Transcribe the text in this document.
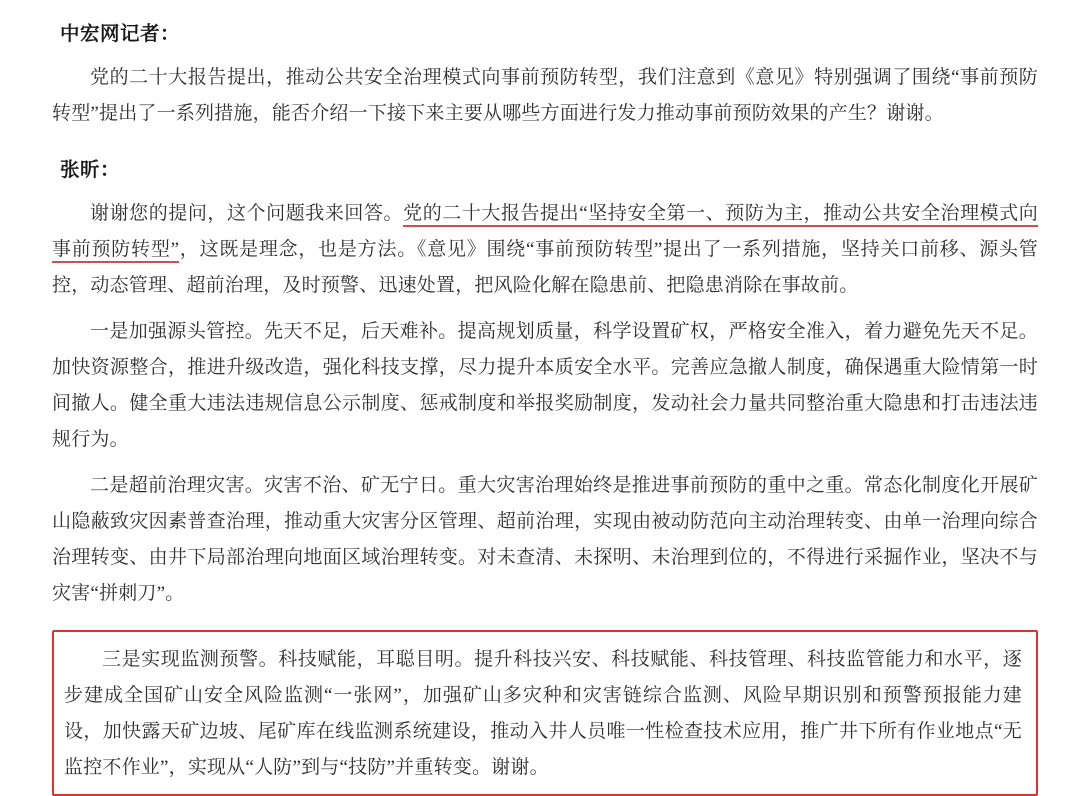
中宏网记者：

党的二十大报告提出，推动公共安全治理模式向事前预防转型，我们注意到《意见》特别强调了围绕“事前预防转型”提出了一系列措施，能否介绍一下接下来主要从哪些方面进行发力推动事前预防效果的产生？谢谢。

张昕：

谢谢您的提问，这个问题我来回答。党的二十大报告提出“坚持安全第一、预防为主，推动公共安全治理模式向事前预防转型”，这既是理念，也是方法。《意见》围绕“事前预防转型”提出了一系列措施，坚持关口前移、源头管控，动态管理、超前治理，及时预警、迅速处置，把风险化解在隐患前、把隐患消除在事故前。

一是加强源头管控。先天不足，后天难补。提高规划质量，科学设置矿权，严格安全准入，着力避免先天不足。加快资源整合，推进升级改造，强化科技支撑，尽力提升本质安全水平。完善应急撤人制度，确保遇重大险情第一时间撤人。健全重大违法违规信息公示制度、惩戒制度和举报奖励制度，发动社会力量共同整治重大隐患和打击违法违规行为。

二是超前治理灾害。灾害不治、矿无宁日。重大灾害治理始终是推进事前预防的重中之重。常态化制度化开展矿山隐蔽致灾因素普查治理，推动重大灾害分区管理、超前治理，实现由被动防范向主动治理转变、由单一治理向综合治理转变、由井下局部治理向地面区域治理转变。对未查清、未探明、未治理到位的，不得进行采掘作业，坚决不与灾害“拼刺刀”。

三是实现监测预警。科技赋能，耳聪目明。提升科技兴安、科技赋能、科技管理、科技监管能力和水平，逐步建成全国矿山安全风险监测“一张网”，加强矿山多灾种和灾害链综合监测、风险早期识别和预警预报能力建设，加快露天矿边坡、尾矿库在线监测系统建设，推动入井人员唯一性检查技术应用，推广井下所有作业地点“无监控不作业”，实现从“人防”到与“技防”并重转变。谢谢。
